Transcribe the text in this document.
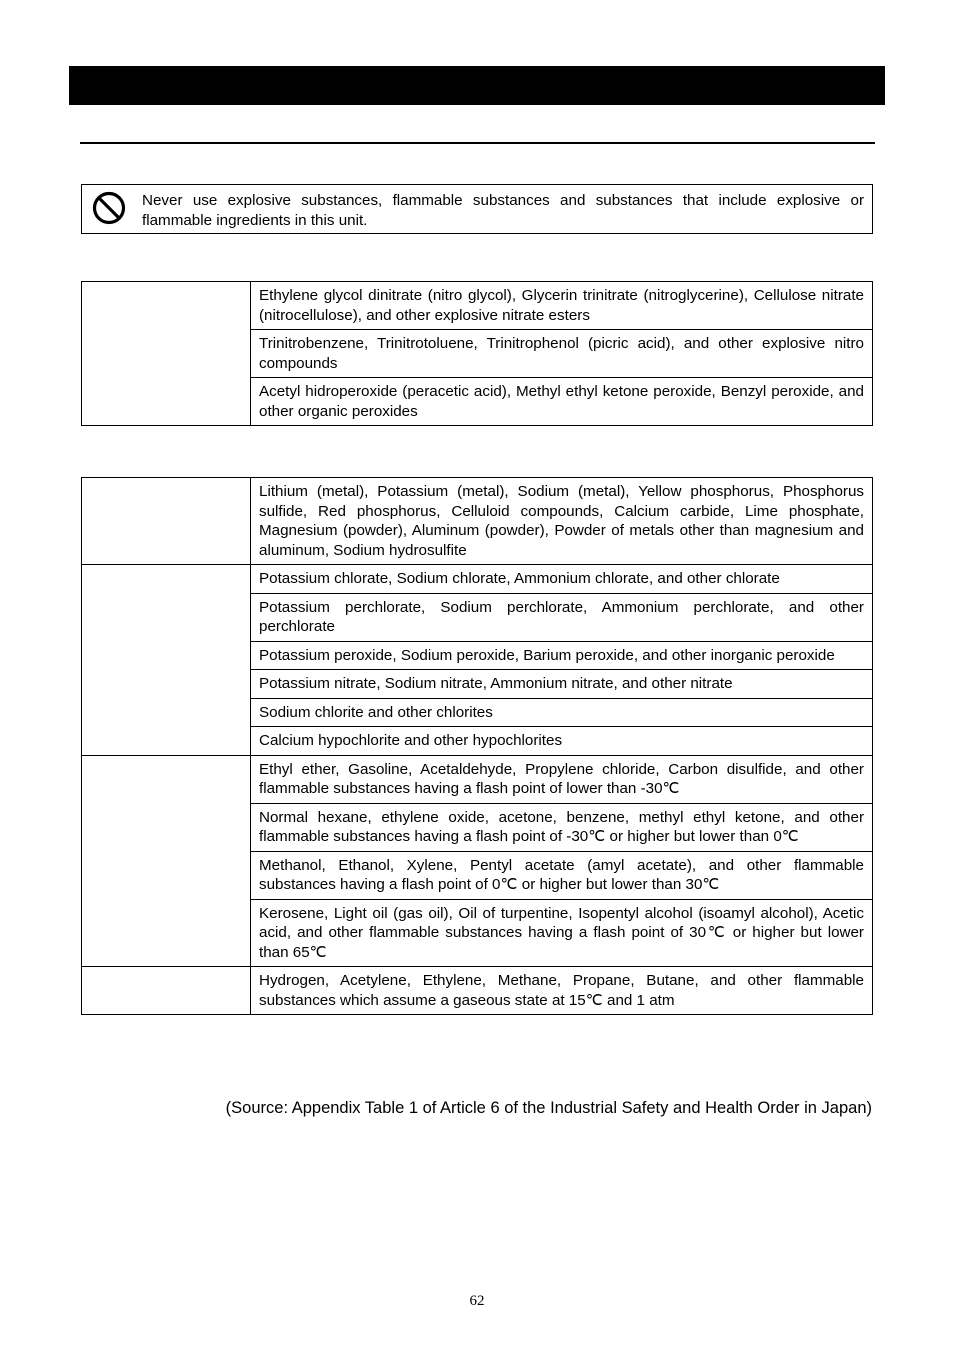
Never use explosive substances, flammable substances and substances that include explosive or flammable ingredients in this unit.
	Ethylene glycol dinitrate (nitro glycol), Glycerin trinitrate (nitroglycerine), Cellulose nitrate (nitrocellulose), and other explosive nitrate esters
Trinitrobenzene, Trinitrotoluene, Trinitrophenol (picric acid), and other explosive nitro compounds
Acetyl hidroperoxide (peracetic acid), Methyl ethyl ketone peroxide, Benzyl peroxide, and other organic peroxides
	Lithium (metal), Potassium (metal), Sodium (metal), Yellow phosphorus, Phosphorus sulfide, Red phosphorus, Celluloid compounds, Calcium carbide, Lime phosphate, Magnesium (powder), Aluminum (powder), Powder of metals other than magnesium and aluminum, Sodium hydrosulfite
	Potassium chlorate, Sodium chlorate, Ammonium chlorate, and other chlorate
	Potassium perchlorate, Sodium perchlorate, Ammonium perchlorate, and other perchlorate
	Potassium peroxide, Sodium peroxide, Barium peroxide, and other inorganic peroxide
	Potassium nitrate, Sodium nitrate, Ammonium nitrate, and other nitrate
	Sodium chlorite and other chlorites
	Calcium hypochlorite and other hypochlorites
	Ethyl ether, Gasoline, Acetaldehyde, Propylene chloride, Carbon disulfide, and other flammable substances having a flash point of lower than -30℃
	Normal hexane, ethylene oxide, acetone, benzene, methyl ethyl ketone, and other flammable substances having a flash point of -30℃ or higher but lower than 0℃
	Methanol, Ethanol, Xylene, Pentyl acetate (amyl acetate), and other flammable substances having a flash point of 0℃ or higher but lower than 30℃
	Kerosene, Light oil (gas oil), Oil of turpentine, Isopentyl alcohol (isoamyl alcohol), Acetic acid, and other flammable substances having a flash point of 30℃ or higher but lower than 65℃
	Hydrogen, Acetylene, Ethylene, Methane, Propane, Butane, and other flammable substances which assume a gaseous state at 15℃ and 1 atm
(Source: Appendix Table 1 of Article 6 of the Industrial Safety and Health Order in Japan)
62
